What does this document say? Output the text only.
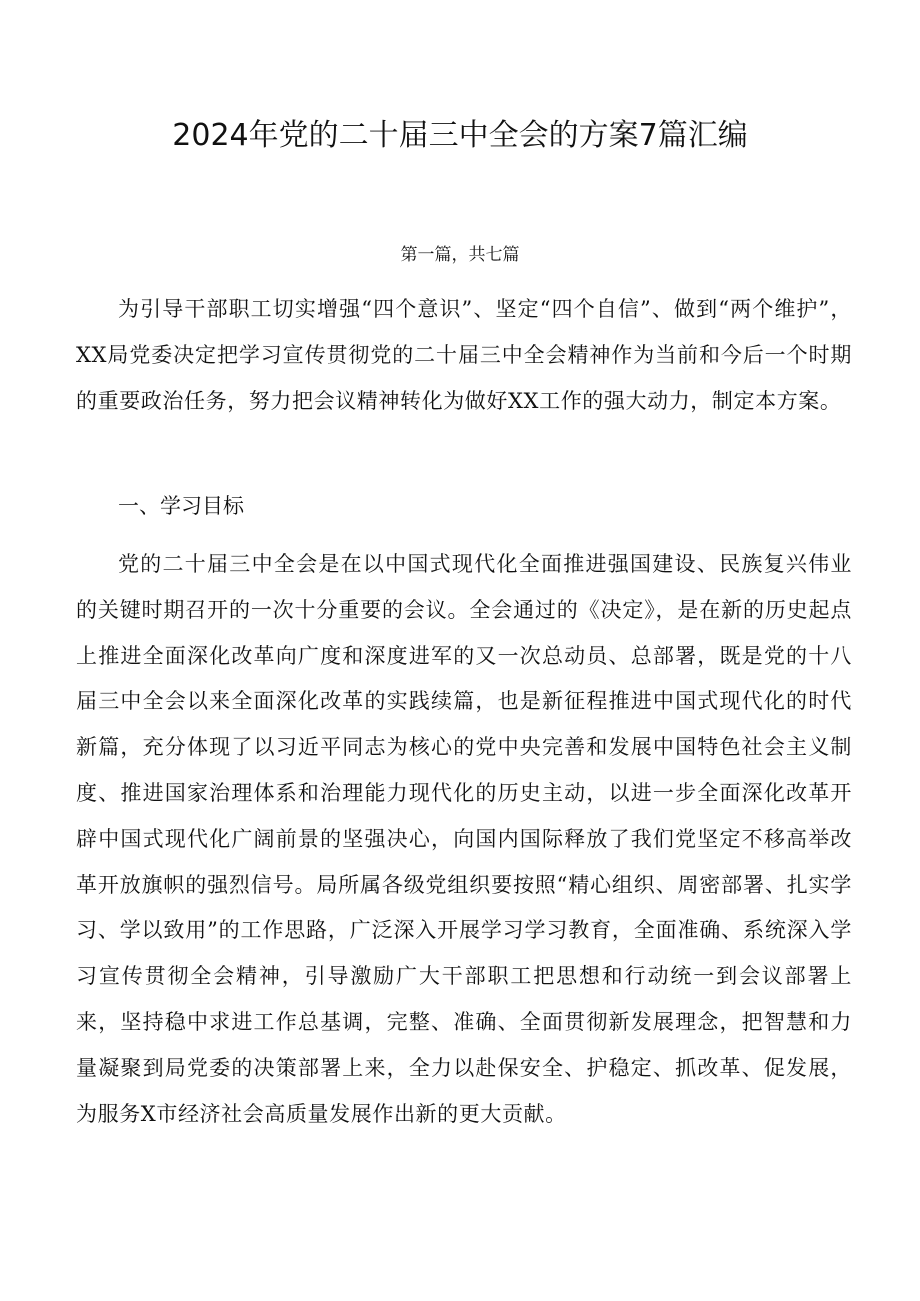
2024年党的二十届三中全会的方案7篇汇编

第一篇，共七篇

为引导干部职工切实增强“四个意识”、坚定“四个自信”、做到“两个维护”，XX局党委决定把学习宣传贯彻党的二十届三中全会精神作为当前和今后一个时期的重要政治任务，努力把会议精神转化为做好XX工作的强大动力，制定本方案。

一、学习目标

党的二十届三中全会是在以中国式现代化全面推进强国建设、民族复兴伟业的关键时期召开的一次十分重要的会议。全会通过的《决定》，是在新的历史起点上推进全面深化改革向广度和深度进军的又一次总动员、总部署，既是党的十八届三中全会以来全面深化改革的实践续篇，也是新征程推进中国式现代化的时代新篇，充分体现了以习近平同志为核心的党中央完善和发展中国特色社会主义制度、推进国家治理体系和治理能力现代化的历史主动，以进一步全面深化改革开辟中国式现代化广阔前景的坚强决心，向国内国际释放了我们党坚定不移高举改革开放旗帜的强烈信号。局所属各级党组织要按照“精心组织、周密部署、扎实学习、学以致用”的工作思路，广泛深入开展学习学习教育，全面准确、系统深入学习宣传贯彻全会精神，引导激励广大干部职工把思想和行动统一到会议部署上来，坚持稳中求进工作总基调，完整、准确、全面贯彻新发展理念，把智慧和力量凝聚到局党委的决策部署上来，全力以赴保安全、护稳定、抓改革、促发展，为服务X市经济社会高质量发展作出新的更大贡献。
